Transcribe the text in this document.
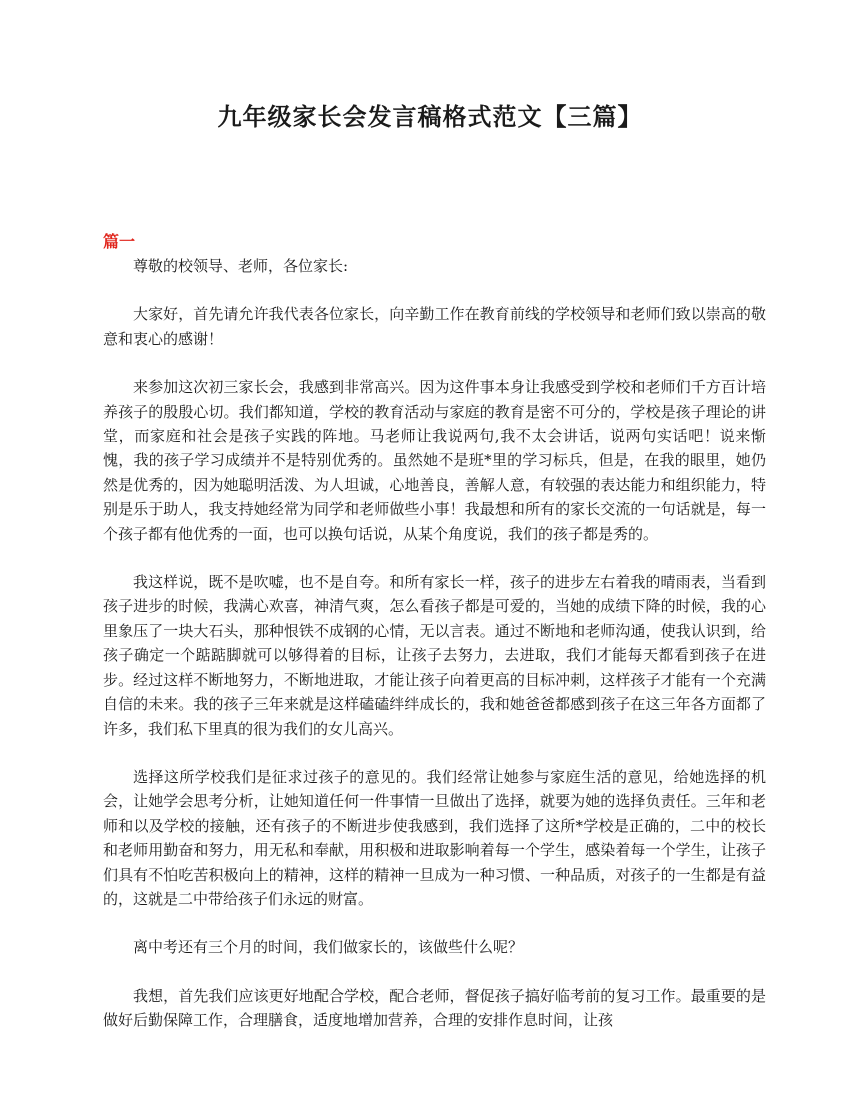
九年级家长会发言稿格式范文【三篇】

篇一

尊敬的校领导、老师，各位家长:

大家好，首先请允许我代表各位家长，向辛勤工作在教育前线的学校领导和老师们致以崇高的敬意和衷心的感谢！

来参加这次初三家长会，我感到非常高兴。因为这件事本身让我感受到学校和老师们千方百计培养孩子的殷殷心切。我们都知道，学校的教育活动与家庭的教育是密不可分的，学校是孩子理论的讲堂，而家庭和社会是孩子实践的阵地。马老师让我说两句,我不太会讲话，说两句实话吧！说来惭愧，我的孩子学习成绩并不是特别优秀的。虽然她不是班*里的学习标兵，但是，在我的眼里，她仍然是优秀的，因为她聪明活泼、为人坦诚，心地善良，善解人意，有较强的表达能力和组织能力，特别是乐于助人，我支持她经常为同学和老师做些小事！我最想和所有的家长交流的一句话就是，每一个孩子都有他优秀的一面，也可以换句话说，从某个角度说，我们的孩子都是秀的。

我这样说，既不是吹嘘，也不是自夸。和所有家长一样，孩子的进步左右着我的晴雨表，当看到孩子进步的时候，我满心欢喜，神清气爽，怎么看孩子都是可爱的，当她的成绩下降的时候，我的心里象压了一块大石头，那种恨铁不成钢的心情，无以言表。通过不断地和老师沟通，使我认识到，给孩子确定一个踮踮脚就可以够得着的目标，让孩子去努力，去进取，我们才能每天都看到孩子在进步。经过这样不断地努力，不断地进取，才能让孩子向着更高的目标冲刺，这样孩子才能有一个充满自信的未来。我的孩子三年来就是这样磕磕绊绊成长的，我和她爸爸都感到孩子在这三年各方面都了许多，我们私下里真的很为我们的女儿高兴。

选择这所学校我们是征求过孩子的意见的。我们经常让她参与家庭生活的意见，给她选择的机会，让她学会思考分析，让她知道任何一件事情一旦做出了选择，就要为她的选择负责任。三年和老师和以及学校的接触，还有孩子的不断进步使我感到，我们选择了这所*学校是正确的，二中的校长和老师用勤奋和努力，用无私和奉献，用积极和进取影响着每一个学生，感染着每一个学生，让孩子们具有不怕吃苦积极向上的精神，这样的精神一旦成为一种习惯、一种品质，对孩子的一生都是有益的，这就是二中带给孩子们永远的财富。

离中考还有三个月的时间，我们做家长的，该做些什么呢？

我想，首先我们应该更好地配合学校，配合老师，督促孩子搞好临考前的复习工作。最重要的是做好后勤保障工作，合理膳食，适度地增加营养，合理的安排作息时间，让孩
